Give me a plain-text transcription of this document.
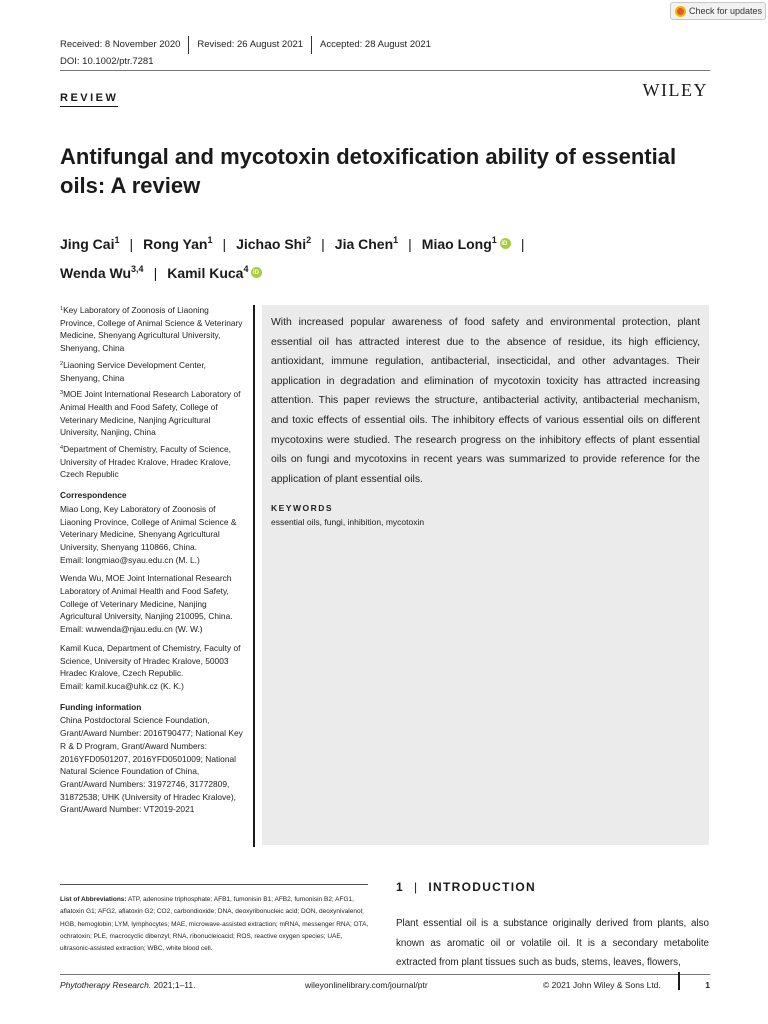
Check for updates
Received: 8 November 2020	Revised: 26 August 2021	Accepted: 28 August 2021
DOI: 10.1002/ptr.7281
REVIEW	WILEY
Antifungal and mycotoxin detoxification ability of essential oils: A review
Jing Cai$^1$ | Rong Yan$^1$ | Jichao Shi$^2$ | Jia Chen$^1$ | Miao Long$^1$iD |
Wenda Wu$^{3,4}$ | Kamil Kuca$^4$iD

$^1$Key Laboratory of Zoonosis of Liaoning Province, College of Animal Science & Veterinary Medicine, Shenyang Agricultural University, Shenyang, China

$^2$Liaoning Service Development Center, Shenyang, China

$^3$MOE Joint International Research Laboratory of Animal Health and Food Safety, College of Veterinary Medicine, Nanjing Agricultural University, Nanjing, China

$^4$Department of Chemistry, Faculty of Science, University of Hradec Kralove, Hradec Kralove, Czech Republic

Correspondence

Miao Long, Key Laboratory of Zoonosis of Liaoning Province, College of Animal Science & Veterinary Medicine, Shenyang Agricultural University, Shenyang 110866, China.
Email: longmiao@syau.edu.cn (M. L.)

Wenda Wu, MOE Joint International Research Laboratory of Animal Health and Food Safety, College of Veterinary Medicine, Nanjing Agricultural University, Nanjing 210095, China.
Email: wuwenda@njau.edu.cn (W. W.)

Kamil Kuca, Department of Chemistry, Faculty of Science, University of Hradec Kralove, 50003 Hradec Kralove, Czech Republic.
Email: kamil.kuca@uhk.cz (K. K.)

Funding information

China Postdoctoral Science Foundation, Grant/Award Number: 2016T90477; National Key R & D Program, Grant/Award Numbers: 2016YFD0501207, 2016YFD0501009; National Natural Science Foundation of China, Grant/Award Numbers: 31972746, 31772809, 31872538; UHK (University of Hradec Kralove), Grant/Award Number: VT2019-2021

With increased popular awareness of food safety and environmental protection, plant essential oil has attracted interest due to the absence of residue, its high efficiency, antioxidant, immune regulation, antibacterial, insecticidal, and other advantages. Their application in degradation and elimination of mycotoxin toxicity has attracted increasing attention. This paper reviews the structure, antibacterial activity, antibacterial mechanism, and toxic effects of essential oils. The inhibitory effects of various essential oils on different mycotoxins were studied. The research progress on the inhibitory effects of plant essential oils on fungi and mycotoxins in recent years was summarized to provide reference for the application of plant essential oils.

KEYWORDS
essential oils, fungi, inhibition, mycotoxin
List of Abbreviations: ATP, adenosine triphosphate; AFB1, fumonisin B1; AFB2, fumonisin B2; AFG1, aflatoxin G1; AFG2, aflatoxin G2; CO2, carbondioxide; DNA, deoxyribonucleic acid; DON, deoxynivalenol; HGB, hemoglobin; LYM, lymphocytes; MAE, microwave-assisted extraction; mRNA, messenger RNA; OTA, ochratoxin; PLE, macrocyclic dibenzyl; RNA, ribonucleicacid; ROS, reactive oxygen species; UAE, ultrasonic-assisted extraction; WBC, white blood cell.
1 | INTRODUCTION

Plant essential oil is a substance originally derived from plants, also known as aromatic oil or volatile oil. It is a secondary metabolite extracted from plant tissues such as buds, stems, leaves, flowers,

Phytotherapy Research. 2021;1–11.	wileyonlinelibrary.com/journal/ptr	© 2021 John Wiley & Sons Ltd.	1
